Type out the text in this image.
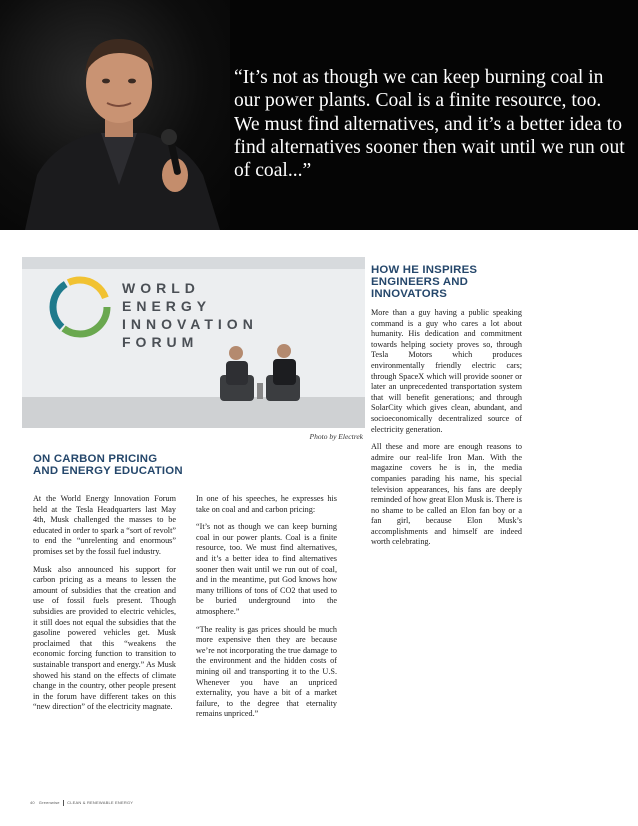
“It’s not as though we can keep burning coal in our power plants. Coal is a finite resource, too. We must find alternatives, and it’s a better idea to find alternatives sooner then wait until we run out of coal...”

WORLD
ENERGY
INNOVATION
FORUM
Photo by Electrek
ON CARBON PRICING AND ENERGY EDUCATION

At the World Energy Innovation Forum held at the Tesla Headquarters last May 4th, Musk challenged the masses to be educated in order to spark a “sort of revolt” to end the “unrelenting and enormous” promises set by the fossil fuel industry.

Musk also announced his support for carbon pricing as a means to lessen the amount of subsidies that the creation and use of fossil fuels present. Though subsidies are provided to electric vehicles, it still does not equal the subsidies that the gasoline powered vehicles get. Musk proclaimed that this “weakens the economic forcing function to transition to sustainable transport and energy.” As Musk showed his stand on the effects of climate change in the country, other people present in the forum have different takes on this “new direction” of the electricity magnate.

In one of his speeches, he expresses his take on coal and and carbon pricing:

“It’s not as though we can keep burning coal in our power plants. Coal is a finite resource, too. We must find alternatives, and it’s a better idea to find alternatives sooner then wait until we run out of coal, and in the meantime, put God knows how many trillions of tons of CO2 that used to be buried underground into the atmosphere.”

“The reality is gas prices should be much more expensive then they are because we’re not incorporating the true damage to the environment and the hidden costs of mining oil and transporting it to the U.S. Whenever you have an unpriced externality, you have a bit of a market failure, to the degree that eternality remains unpriced.”

HOW HE INSPIRES ENGINEERS AND INNOVATORS

More than a guy having a public speaking command is a guy who cares a lot about humanity. His dedication and commitment towards helping society proves so, through Tesla Motors which produces environmentally friendly electric cars; through SpaceX which will provide sooner or later an unprecedented transportation system that will benefit generations; and through SolarCity which gives clean, abundant, and socioeconomically decentralized source of electricity generation.

All these and more are enough reasons to admire our real-life Iron Man. With the magazine covers he is in, the media companies parading his name, his special television appearances, his fans are deeply reminded of how great Elon Musk is. There is no shame to be called an Elon fan boy or a fan girl, because Elon Musk’s accomplishments and himself are indeed worth celebrating.

40 Greenwise CLEAN & RENEWABLE ENERGY
